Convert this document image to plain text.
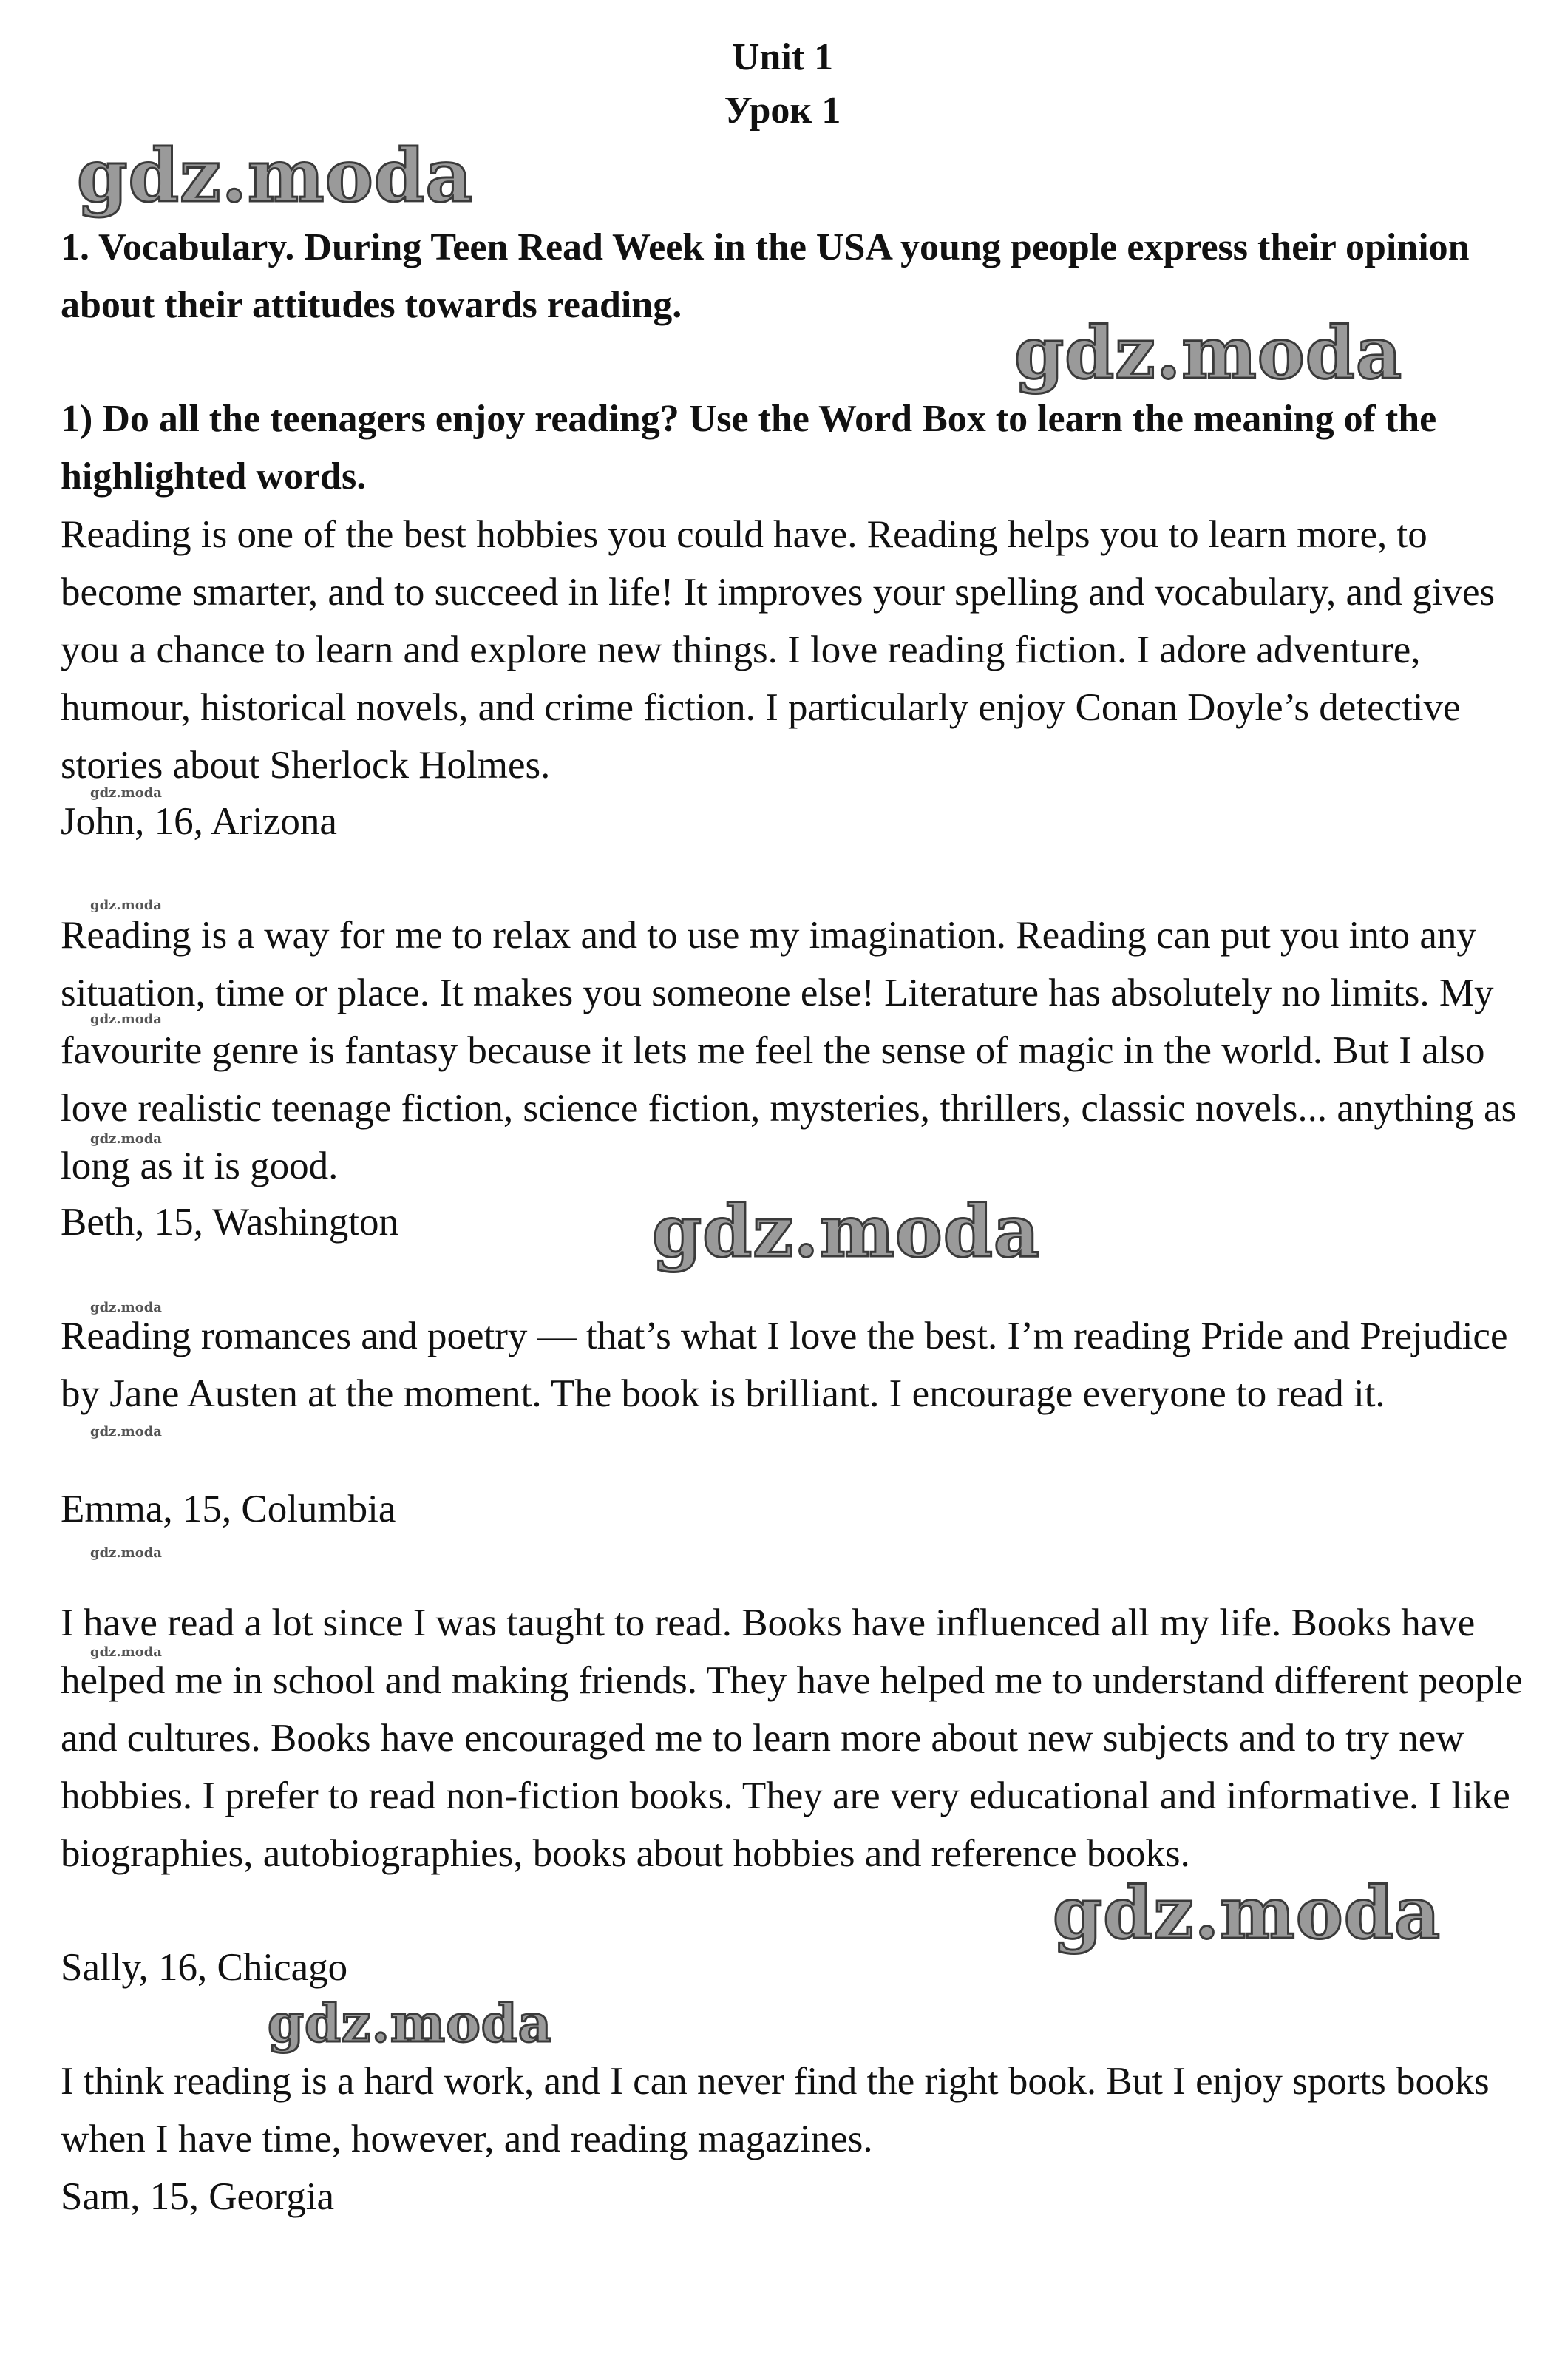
Unit 1
Урок 1
gdz.moda
gdz.moda
gdz.moda
gdz.moda
gdz.moda
gdz.moda
gdz.moda
gdz.moda
gdz.moda
gdz.moda
gdz.moda
gdz.moda
gdz.moda

1. Vocabulary. During Teen Read Week in the USA young people express their opinion about their attitudes towards reading.

1) Do all the teenagers enjoy reading? Use the Word Box to learn the meaning of the highlighted words.

Reading is one of the best hobbies you could have. Reading helps you to learn more, to become smarter, and to succeed in life! It improves your spelling and vocabulary, and gives you a chance to learn and explore new things. I love reading fiction. I adore adventure, humour, historical novels, and crime fiction. I particularly enjoy Conan Doyle’s detective stories about Sherlock Holmes.

John, 16, Arizona

Reading is a way for me to relax and to use my imagination. Reading can put you into any situation, time or place. It makes you someone else! Literature has absolutely no limits. My favourite genre is fantasy because it lets me feel the sense of magic in the world. But I also love realistic teenage fiction, science fiction, mysteries, thrillers, classic novels... anything as long as it is good.

Beth, 15, Washington

Reading romances and poetry — that’s what I love the best. I’m reading Pride and Prejudice by Jane Austen at the moment. The book is brilliant. I encourage everyone to read it.

Emma, 15, Columbia

I have read a lot since I was taught to read. Books have influenced all my life. Books have helped me in school and making friends. They have helped me to understand different people and cultures. Books have encouraged me to learn more about new subjects and to try new hobbies. I prefer to read non-fiction books. They are very educational and informative. I like biographies, autobiographies, books about hobbies and reference books.

Sally, 16, Chicago

I think reading is a hard work, and I can never find the right book. But I enjoy sports books when I have time, however, and reading magazines.

Sam, 15, Georgia
